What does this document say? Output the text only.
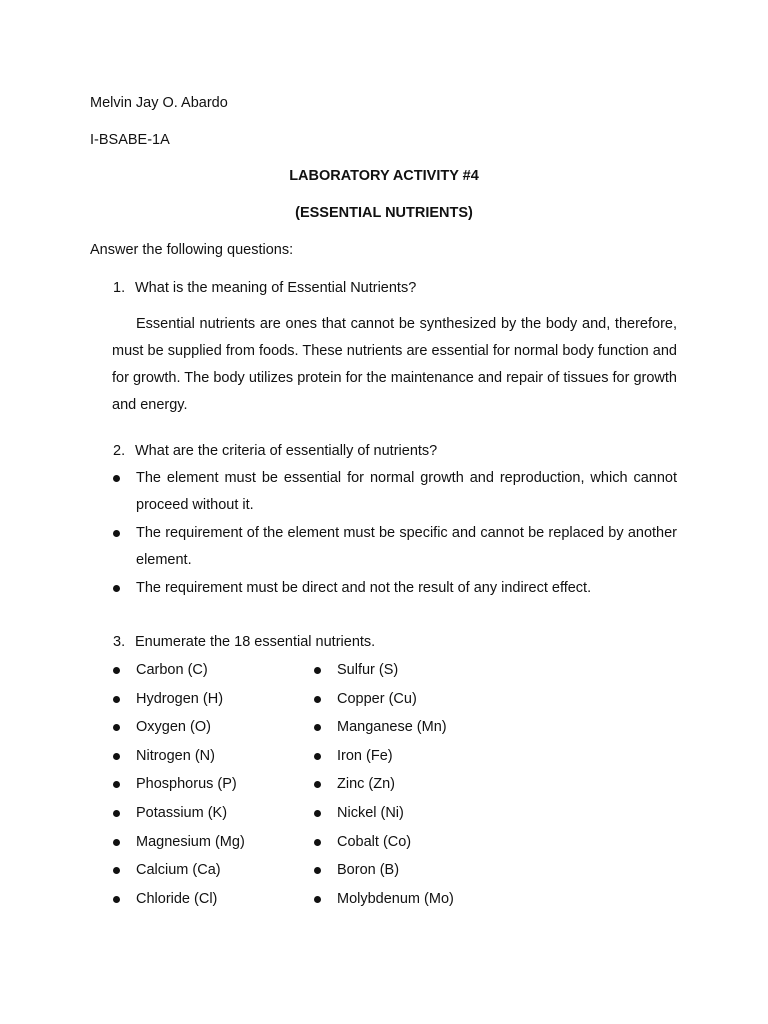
Melvin Jay O. Abardo
I-BSABE-1A
LABORATORY ACTIVITY #4
(ESSENTIAL NUTRIENTS)
Answer the following questions:
1. What is the meaning of Essential Nutrients?
Essential nutrients are ones that cannot be synthesized by the body and, therefore, must be supplied from foods. These nutrients are essential for normal body function and for growth. The body utilizes protein for the maintenance and repair of tissues for growth and energy.
2. What are the criteria of essentially of nutrients?
The element must be essential for normal growth and reproduction, which cannot proceed without it.
The requirement of the element must be specific and cannot be replaced by another element.
The requirement must be direct and not the result of any indirect effect.
3. Enumerate the 18 essential nutrients.
Carbon (C)
Hydrogen (H)
Oxygen (O)
Nitrogen (N)
Phosphorus (P)
Potassium (K)
Magnesium (Mg)
Calcium (Ca)
Chloride (Cl)
Sulfur (S)
Copper (Cu)
Manganese (Mn)
Iron (Fe)
Zinc (Zn)
Nickel (Ni)
Cobalt (Co)
Boron (B)
Molybdenum (Mo)
